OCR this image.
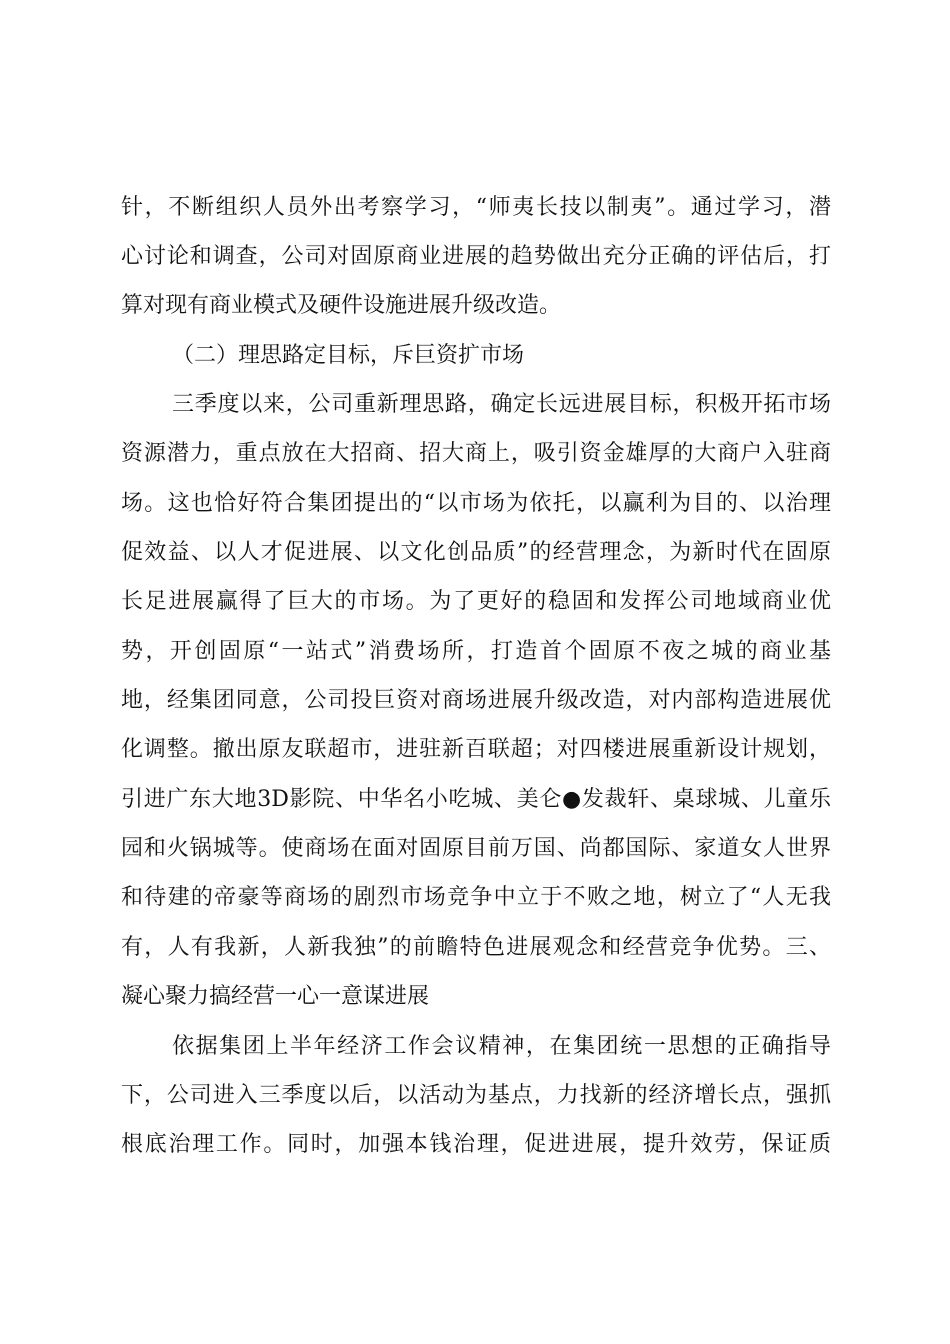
针，不断组织人员外出考察学习，“师夷长技以制夷”。通过学习，潜

心讨论和调查，公司对固原商业进展的趋势做出充分正确的评估后，打

算对现有商业模式及硬件设施进展升级改造。

（二）理思路定目标，斥巨资扩市场

三季度以来，公司重新理思路，确定长远进展目标，积极开拓市场

资源潜力，重点放在大招商、招大商上，吸引资金雄厚的大商户入驻商

场。这也恰好符合集团提出的“以市场为依托，以赢利为目的、以治理

促效益、以人才促进展、以文化创品质”的经营理念，为新时代在固原

长足进展赢得了巨大的市场。为了更好的稳固和发挥公司地域商业优

势，开创固原“一站式”消费场所，打造首个固原不夜之城的商业基

地，经集团同意，公司投巨资对商场进展升级改造，对内部构造进展优

化调整。撤出原友联超市，进驻新百联超；对四楼进展重新设计规划，

引进广东大地3D影院、中华名小吃城、美仑●发裁轩、桌球城、儿童乐

园和火锅城等。使商场在面对固原目前万国、尚都国际、家道女人世界

和待建的帝豪等商场的剧烈市场竞争中立于不败之地，树立了“人无我

有，人有我新，人新我独”的前瞻特色进展观念和经营竞争优势。三、

凝心聚力搞经营一心一意谋进展

依据集团上半年经济工作会议精神，在集团统一思想的正确指导

下，公司进入三季度以后，以活动为基点，力找新的经济增长点，强抓

根底治理工作。同时，加强本钱治理，促进进展，提升效劳，保证质
